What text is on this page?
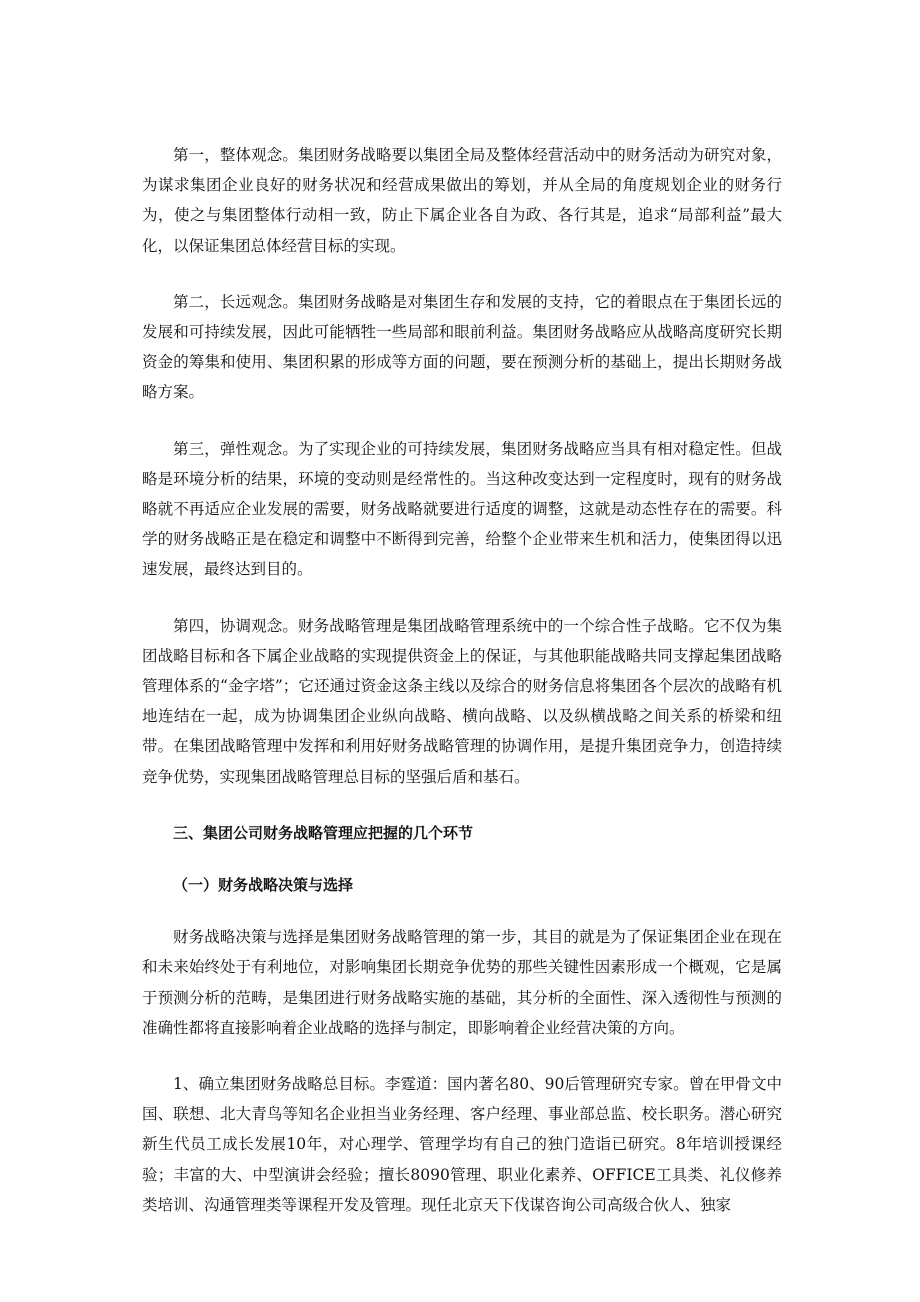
第一，整体观念。集团财务战略要以集团全局及整体经营活动中的财务活动为研究对象，为谋求集团企业良好的财务状况和经营成果做出的筹划，并从全局的角度规划企业的财务行为，使之与集团整体行动相一致，防止下属企业各自为政、各行其是，追求“局部利益”最大化，以保证集团总体经营目标的实现。

第二，长远观念。集团财务战略是对集团生存和发展的支持，它的着眼点在于集团长远的发展和可持续发展，因此可能牺牲一些局部和眼前利益。集团财务战略应从战略高度研究长期资金的筹集和使用、集团积累的形成等方面的问题，要在预测分析的基础上，提出长期财务战略方案。

第三，弹性观念。为了实现企业的可持续发展，集团财务战略应当具有相对稳定性。但战略是环境分析的结果，环境的变动则是经常性的。当这种改变达到一定程度时，现有的财务战略就不再适应企业发展的需要，财务战略就要进行适度的调整，这就是动态性存在的需要。科学的财务战略正是在稳定和调整中不断得到完善，给整个企业带来生机和活力，使集团得以迅速发展，最终达到目的。

第四，协调观念。财务战略管理是集团战略管理系统中的一个综合性子战略。它不仅为集团战略目标和各下属企业战略的实现提供资金上的保证，与其他职能战略共同支撑起集团战略管理体系的“金字塔”；它还通过资金这条主线以及综合的财务信息将集团各个层次的战略有机地连结在一起，成为协调集团企业纵向战略、横向战略、以及纵横战略之间关系的桥梁和纽带。在集团战略管理中发挥和利用好财务战略管理的协调作用，是提升集团竞争力，创造持续竞争优势，实现集团战略管理总目标的坚强后盾和基石。

三、集团公司财务战略管理应把握的几个环节

（一）财务战略决策与选择

财务战略决策与选择是集团财务战略管理的第一步，其目的就是为了保证集团企业在现在和未来始终处于有利地位，对影响集团长期竞争优势的那些关键性因素形成一个概观，它是属于预测分析的范畴，是集团进行财务战略实施的基础，其分析的全面性、深入透彻性与预测的准确性都将直接影响着企业战略的选择与制定，即影响着企业经营决策的方向。

1、确立集团财务战略总目标。李霆道：国内著名80、90后管理研究专家。曾在甲骨文中国、联想、北大青鸟等知名企业担当业务经理、客户经理、事业部总监、校长职务。潜心研究新生代员工成长发展10年，对心理学、管理学均有自己的独门造诣已研究。8年培训授课经验；丰富的大、中型演讲会经验；擅长8090管理、职业化素养、OFFICE工具类、礼仪修养类培训、沟通管理类等课程开发及管理。现任北京天下伐谋咨询公司高级合伙人、独家
